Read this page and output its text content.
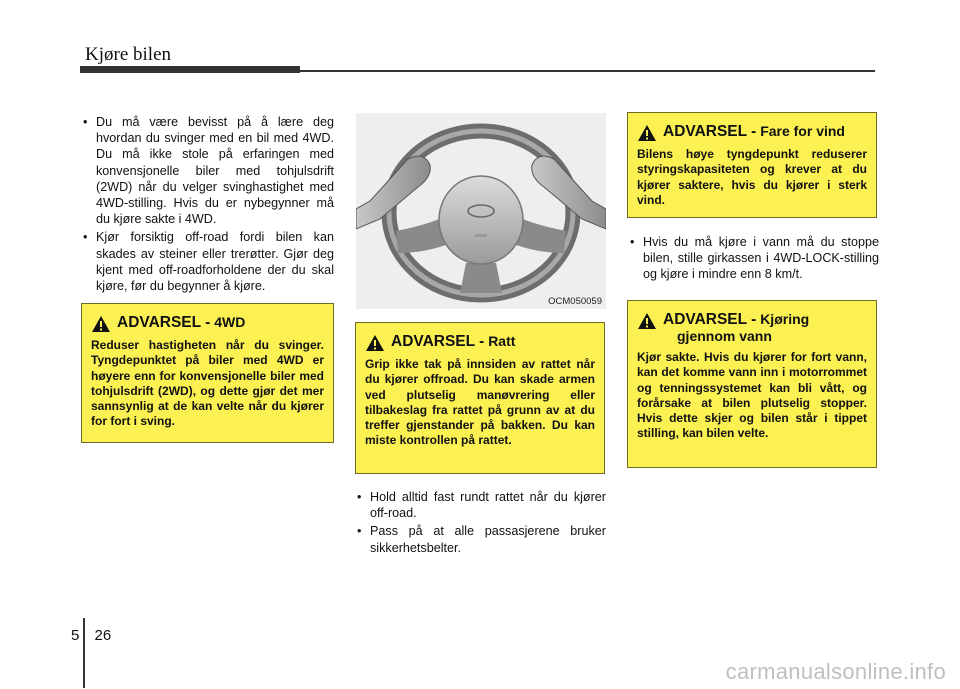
Kjøre bilen
• Du må være bevisst på å lære deg hvordan du svinger med en bil med 4WD. Du må ikke stole på erfaringen med konvensjonelle biler med tohjulsdrift (2WD) når du velger svinghastighet med 4WD-stilling. Hvis du er nybegynner må du kjøre sakte i 4WD.
• Kjør forsiktig off-road fordi bilen kan skades av steiner eller trerøtter. Gjør deg kjent med off-roadforholdene der du skal kjøre, før du begynner å kjøre.
ADVARSEL - 4WD
Reduser hastigheten når du svinger. Tyngdepunktet på biler med 4WD er høyere enn for konvensjonelle biler med tohjulsdrift (2WD), og dette gjør det mer sannsynlig at de kan velte når du kjører for fort i sving.
OCM050059
ADVARSEL - Ratt
Grip ikke tak på innsiden av rattet når du kjører offroad. Du kan skade armen ved plutselig manøvrering eller tilbakeslag fra rattet på grunn av at du treffer gjenstander på bakken. Du kan miste kontrollen på rattet.
• Hold alltid fast rundt rattet når du kjører off-road.
• Pass på at alle passasjerene bruker sikkerhetsbelter.
ADVARSEL - Fare for vind
Bilens høye tyngdepunkt reduserer styringskapasiteten og krever at du kjører saktere, hvis du kjører i sterk vind.
• Hvis du må kjøre i vann må du stoppe bilen, stille girkassen i 4WD-LOCK-stilling og kjøre i mindre enn 8 km/t.
ADVARSEL - Kjøring
gjennom vann
Kjør sakte. Hvis du kjører for fort vann, kan det komme vann inn i motorrommet og tenningssystemet kan bli vått, og forårsake at bilen plutselig stopper. Hvis dette skjer og bilen står i tippet stilling, kan bilen velte.
5 26
carmanualsonline.info
